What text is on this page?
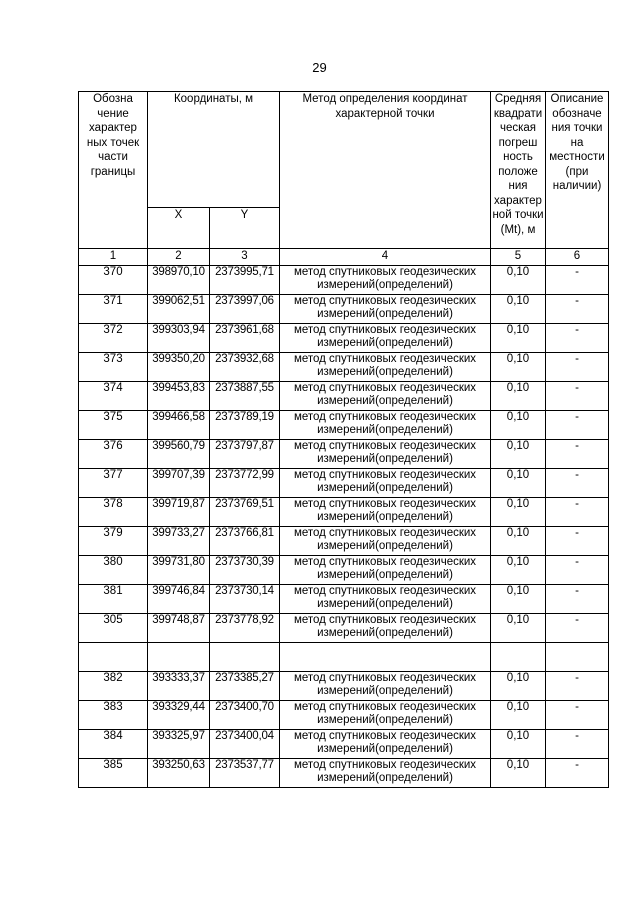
29
Обозна чение характер ных точек части границы	Координаты, м		Метод определения координат характерной точки	Средняя квадрати ческая погреш ность положе ния характер ной точки (Mt), м	Описание обозначе ния точки на местности (при наличии)
	X	Y			
1	2	3	4	5	6
370	398970,10	2373995,71	метод спутниковых геодезических измерений(определений)	0,10	-
371	399062,51	2373997,06	метод спутниковых геодезических измерений(определений)	0,10	-
372	399303,94	2373961,68	метод спутниковых геодезических измерений(определений)	0,10	-
373	399350,20	2373932,68	метод спутниковых геодезических измерений(определений)	0,10	-
374	399453,83	2373887,55	метод спутниковых геодезических измерений(определений)	0,10	-
375	399466,58	2373789,19	метод спутниковых геодезических измерений(определений)	0,10	-
376	399560,79	2373797,87	метод спутниковых геодезических измерений(определений)	0,10	-
377	399707,39	2373772,99	метод спутниковых геодезических измерений(определений)	0,10	-
378	399719,87	2373769,51	метод спутниковых геодезических измерений(определений)	0,10	-
379	399733,27	2373766,81	метод спутниковых геодезических измерений(определений)	0,10	-
380	399731,80	2373730,39	метод спутниковых геодезических измерений(определений)	0,10	-
381	399746,84	2373730,14	метод спутниковых геодезических измерений(определений)	0,10	-
305	399748,87	2373778,92	метод спутниковых геодезических измерений(определений)	0,10	-

382	393333,37	2373385,27	метод спутниковых геодезических измерений(определений)	0,10	-
383	393329,44	2373400,70	метод спутниковых геодезических измерений(определений)	0,10	-
384	393325,97	2373400,04	метод спутниковых геодезических измерений(определений)	0,10	-
385	393250,63	2373537,77	метод спутниковых геодезических измерений(определений)	0,10	-
